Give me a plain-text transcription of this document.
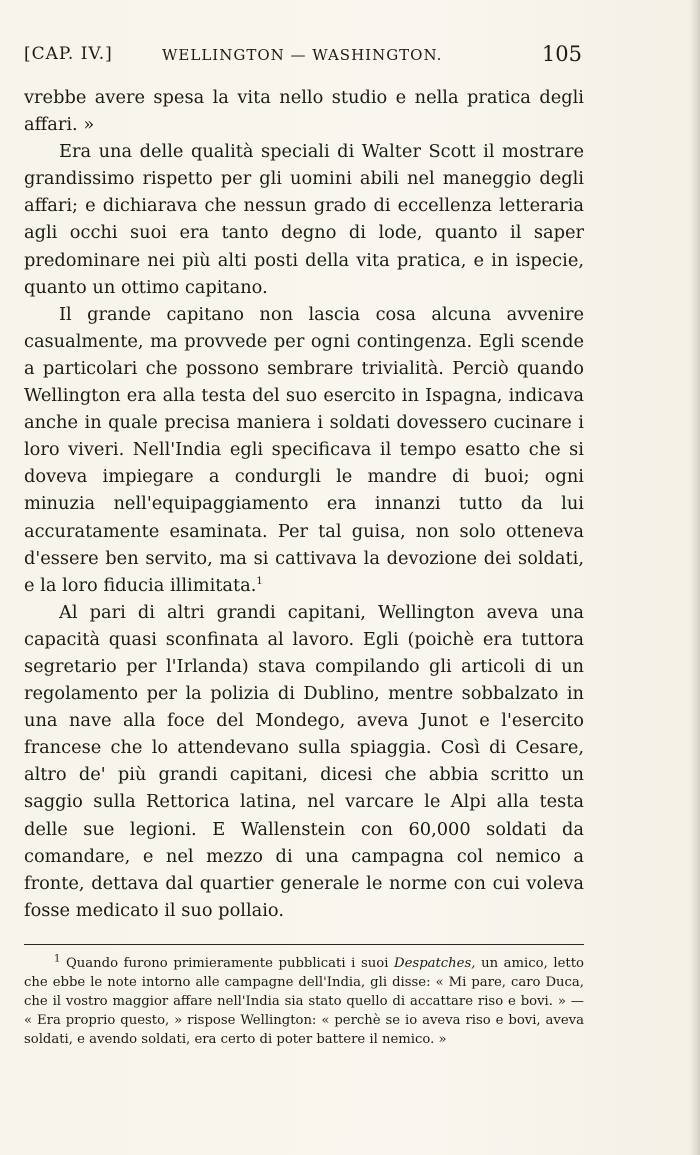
[CAP. IV.]	WELLINGTON — WASHINGTON.	105

vrebbe avere spesa la vita nello studio e nella pratica degli affari. »

Era una delle qualità speciali di Walter Scott il mostrare grandissimo rispetto per gli uomini abili nel maneggio degli affari; e dichiarava che nessun grado di eccellenza letteraria agli occhi suoi era tanto degno di lode, quanto il saper predominare nei più alti posti della vita pratica, e in ispecie, quanto un ottimo capitano.

Il grande capitano non lascia cosa alcuna avvenire casualmente, ma provvede per ogni contingenza. Egli scende a particolari che possono sembrare trivialità. Perciò quando Wellington era alla testa del suo esercito in Ispagna, indicava anche in quale precisa maniera i soldati dovessero cucinare i loro viveri. Nell'India egli specificava il tempo esatto che si doveva impiegare a condurgli le mandre di buoi; ogni minuzia nell'equipaggiamento era innanzi tutto da lui accuratamente esaminata. Per tal guisa, non solo otteneva d'essere ben servito, ma si cattivava la devozione dei soldati, e la loro fiducia illimitata.$^1$

Al pari di altri grandi capitani, Wellington aveva una capacità quasi sconfinata al lavoro. Egli (poichè era tuttora segretario per l'Irlanda) stava compilando gli articoli di un regolamento per la polizia di Dublino, mentre sobbalzato in una nave alla foce del Mondego, aveva Junot e l'esercito francese che lo attendevano sulla spiaggia. Così di Cesare, altro de' più grandi capitani, dicesi che abbia scritto un saggio sulla Rettorica latina, nel varcare le Alpi alla testa delle sue legioni. E Wallenstein con 60,000 soldati da comandare, e nel mezzo di una campagna col nemico a fronte, dettava dal quartier generale le norme con cui voleva fosse medicato il suo pollaio.

$^1$ Quando furono primieramente pubblicati i suoi Despatches, un amico, letto che ebbe le note intorno alle campagne dell'India, gli disse: « Mi pare, caro Duca, che il vostro maggior affare nell'India sia stato quello di accattare riso e bovi. » — « Era proprio questo, » rispose Wellington: « perchè se io aveva riso e bovi, aveva soldati, e avendo soldati, era certo di poter battere il nemico. »
